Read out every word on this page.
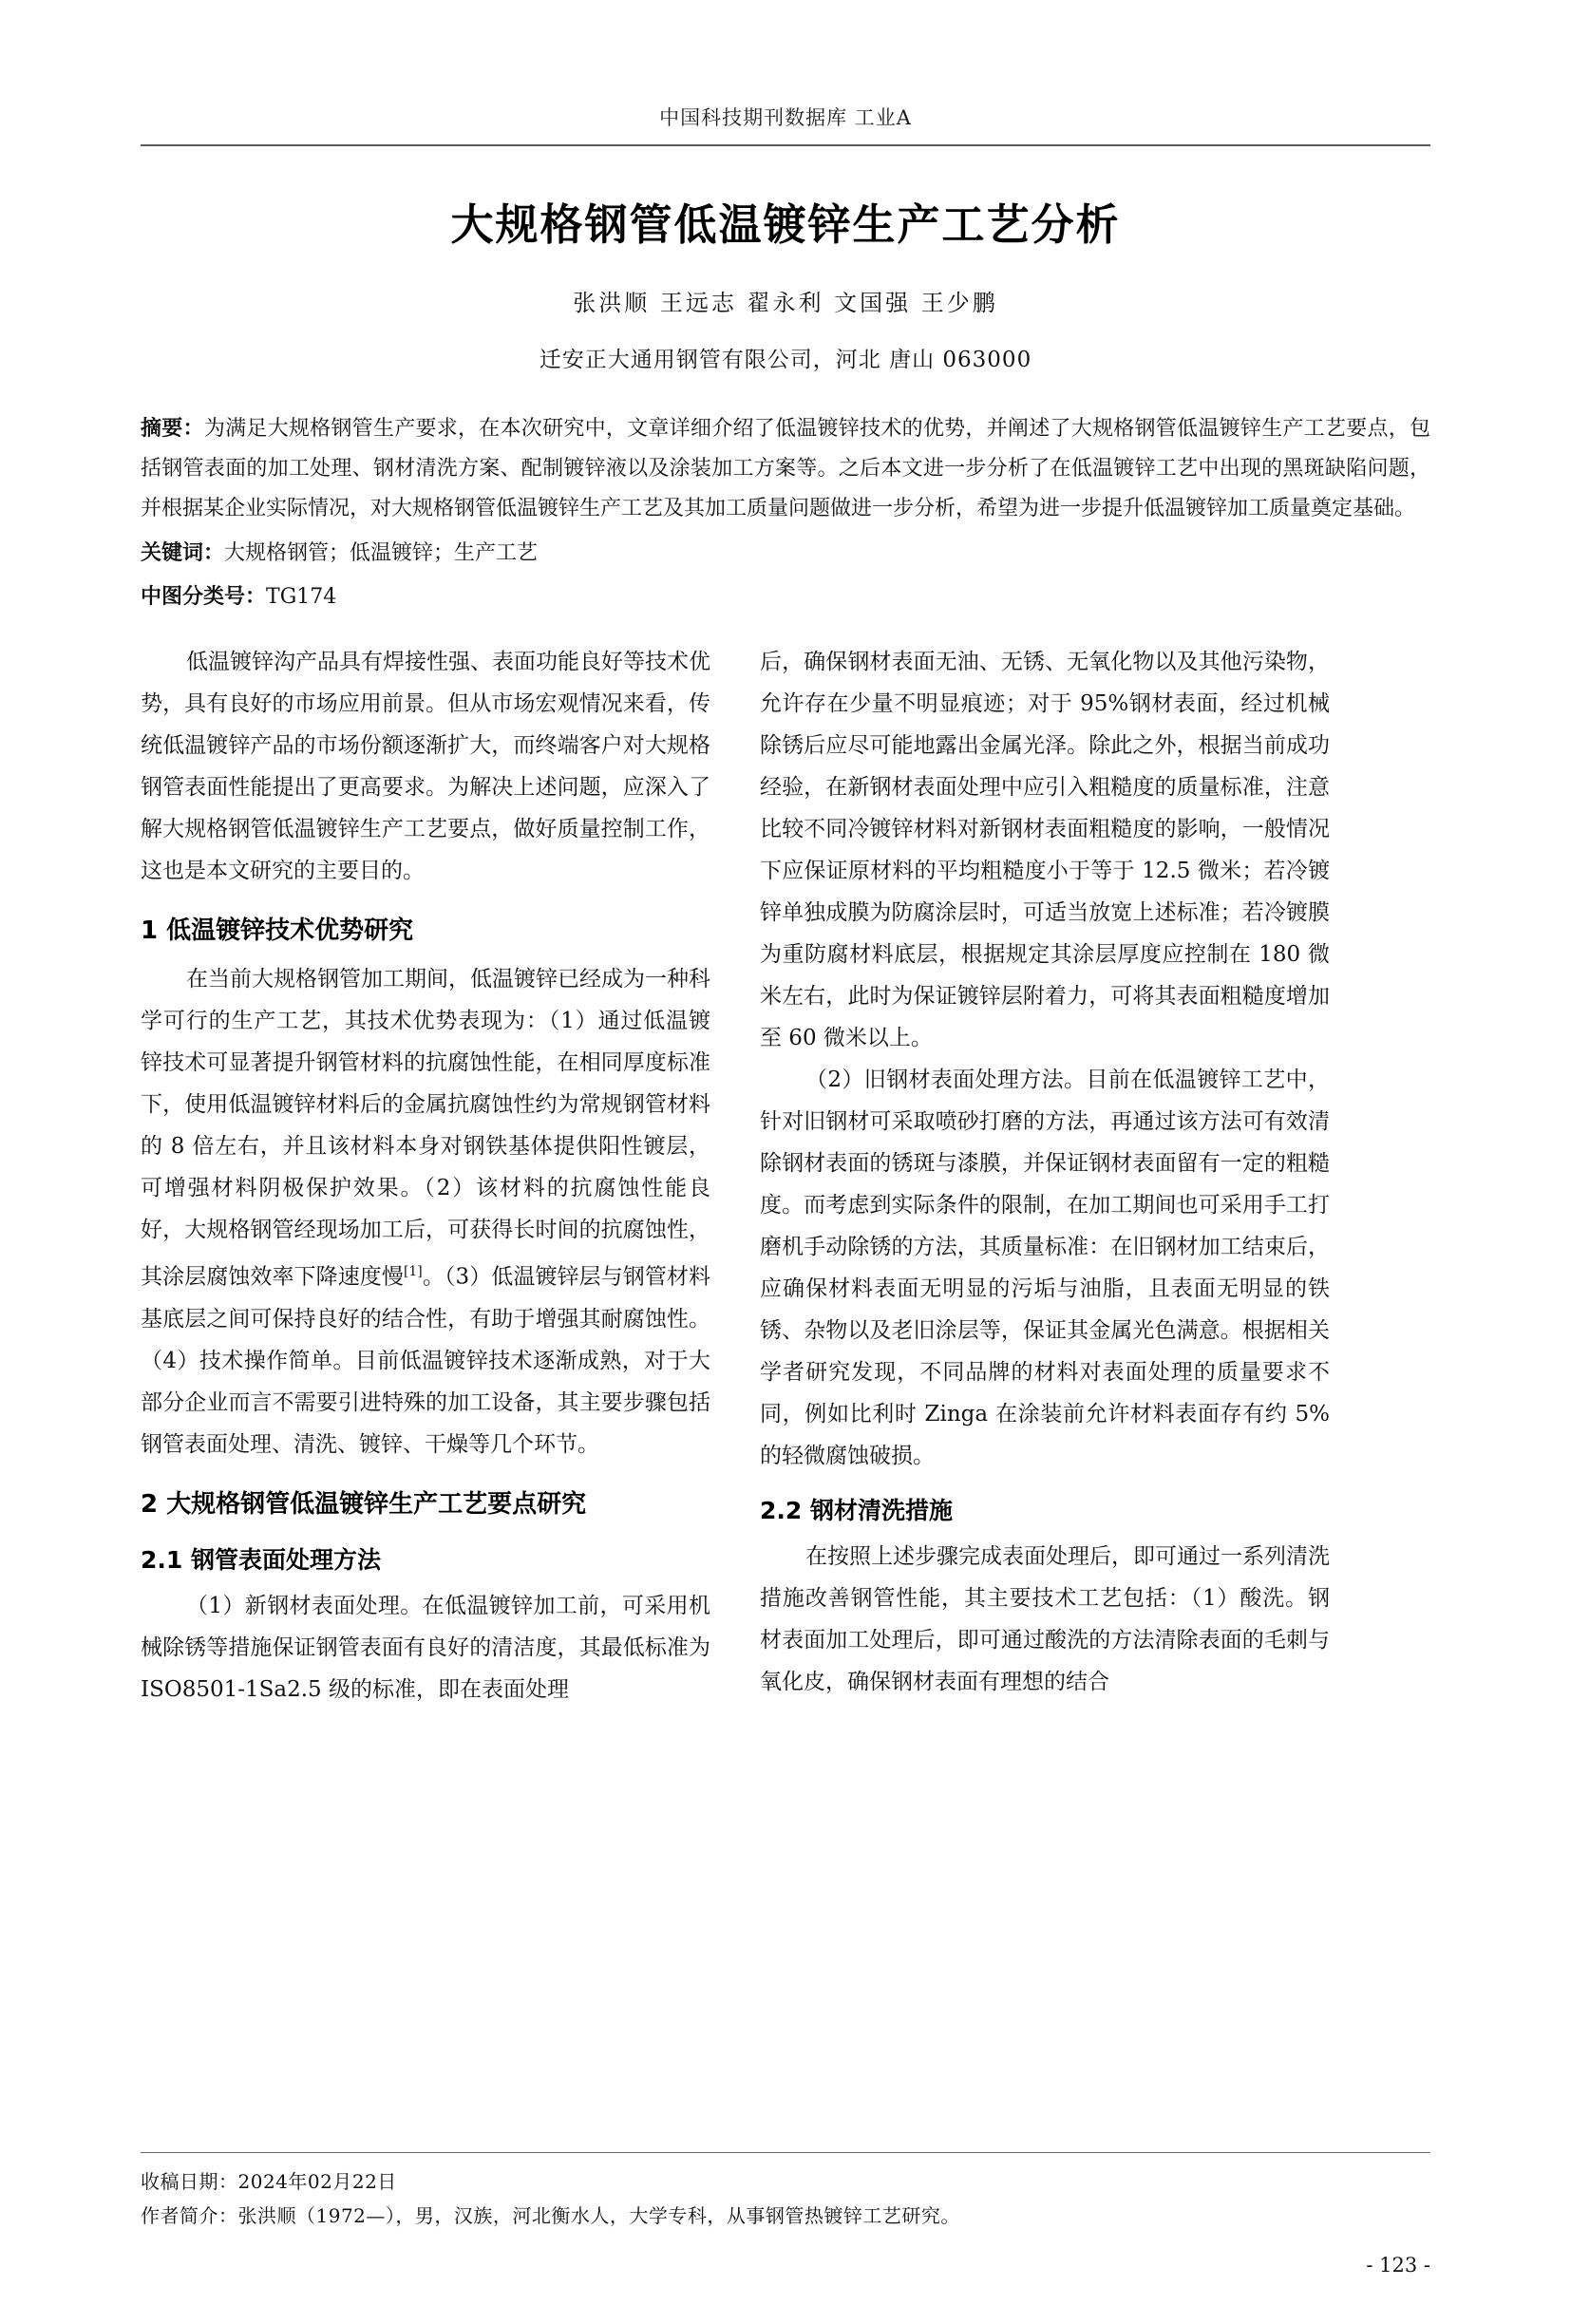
中国科技期刊数据库 工业A
大规格钢管低温镀锌生产工艺分析
张洪顺 王远志 翟永利 文国强 王少鹏
迁安正大通用钢管有限公司，河北 唐山 063000
摘要：为满足大规格钢管生产要求，在本次研究中，文章详细介绍了低温镀锌技术的优势，并阐述了大规格钢管低温镀锌生产工艺要点，包括钢管表面的加工处理、钢材清洗方案、配制镀锌液以及涂装加工方案等。之后本文进一步分析了在低温镀锌工艺中出现的黑斑缺陷问题，并根据某企业实际情况，对大规格钢管低温镀锌生产工艺及其加工质量问题做进一步分析，希望为进一步提升低温镀锌加工质量奠定基础。
关键词：大规格钢管；低温镀锌；生产工艺
中图分类号：TG174

低温镀锌沟产品具有焊接性强、表面功能良好等技术优势，具有良好的市场应用前景。但从市场宏观情况来看，传统低温镀锌产品的市场份额逐渐扩大，而终端客户对大规格钢管表面性能提出了更高要求。为解决上述问题，应深入了解大规格钢管低温镀锌生产工艺要点，做好质量控制工作，这也是本文研究的主要目的。

1 低温镀锌技术优势研究

在当前大规格钢管加工期间，低温镀锌已经成为一种科学可行的生产工艺，其技术优势表现为：（1）通过低温镀锌技术可显著提升钢管材料的抗腐蚀性能，在相同厚度标准下，使用低温镀锌材料后的金属抗腐蚀性约为常规钢管材料的 8 倍左右，并且该材料本身对钢铁基体提供阳性镀层，可增强材料阴极保护效果。（2）该材料的抗腐蚀性能良好，大规格钢管经现场加工后，可获得长时间的抗腐蚀性，其涂层腐蚀效率下降速度慢[1]。（3）低温镀锌层与钢管材料基底层之间可保持良好的结合性，有助于增强其耐腐蚀性。（4）技术操作简单。目前低温镀锌技术逐渐成熟，对于大部分企业而言不需要引进特殊的加工设备，其主要步骤包括钢管表面处理、清洗、镀锌、干燥等几个环节。

2 大规格钢管低温镀锌生产工艺要点研究
2.1 钢管表面处理方法

（1）新钢材表面处理。在低温镀锌加工前，可采用机械除锈等措施保证钢管表面有良好的清洁度，其最低标准为 ISO8501-1Sa2.5 级的标准，即在表面处理

后，确保钢材表面无油、无锈、无氧化物以及其他污染物，允许存在少量不明显痕迹；对于 95%钢材表面，经过机械除锈后应尽可能地露出金属光泽。除此之外，根据当前成功经验，在新钢材表面处理中应引入粗糙度的质量标准，注意比较不同冷镀锌材料对新钢材表面粗糙度的影响，一般情况下应保证原材料的平均粗糙度小于等于 12.5 微米；若冷镀锌单独成膜为防腐涂层时，可适当放宽上述标准；若冷镀膜为重防腐材料底层，根据规定其涂层厚度应控制在 180 微米左右，此时为保证镀锌层附着力，可将其表面粗糙度增加至 60 微米以上。

（2）旧钢材表面处理方法。目前在低温镀锌工艺中，针对旧钢材可采取喷砂打磨的方法，再通过该方法可有效清除钢材表面的锈斑与漆膜，并保证钢材表面留有一定的粗糙度。而考虑到实际条件的限制，在加工期间也可采用手工打磨机手动除锈的方法，其质量标准：在旧钢材加工结束后，应确保材料表面无明显的污垢与油脂，且表面无明显的铁锈、杂物以及老旧涂层等，保证其金属光色满意。根据相关学者研究发现，不同品牌的材料对表面处理的质量要求不同，例如比利时 Zinga 在涂装前允许材料表面存有约 5%的轻微腐蚀破损。

2.2 钢材清洗措施

在按照上述步骤完成表面处理后，即可通过一系列清洗措施改善钢管性能，其主要技术工艺包括：（1）酸洗。钢材表面加工处理后，即可通过酸洗的方法清除表面的毛刺与氧化皮，确保钢材表面有理想的结合

收稿日期：2024年02月22日
作者简介：张洪顺（1972—），男，汉族，河北衡水人，大学专科，从事钢管热镀锌工艺研究。
- 123 -
